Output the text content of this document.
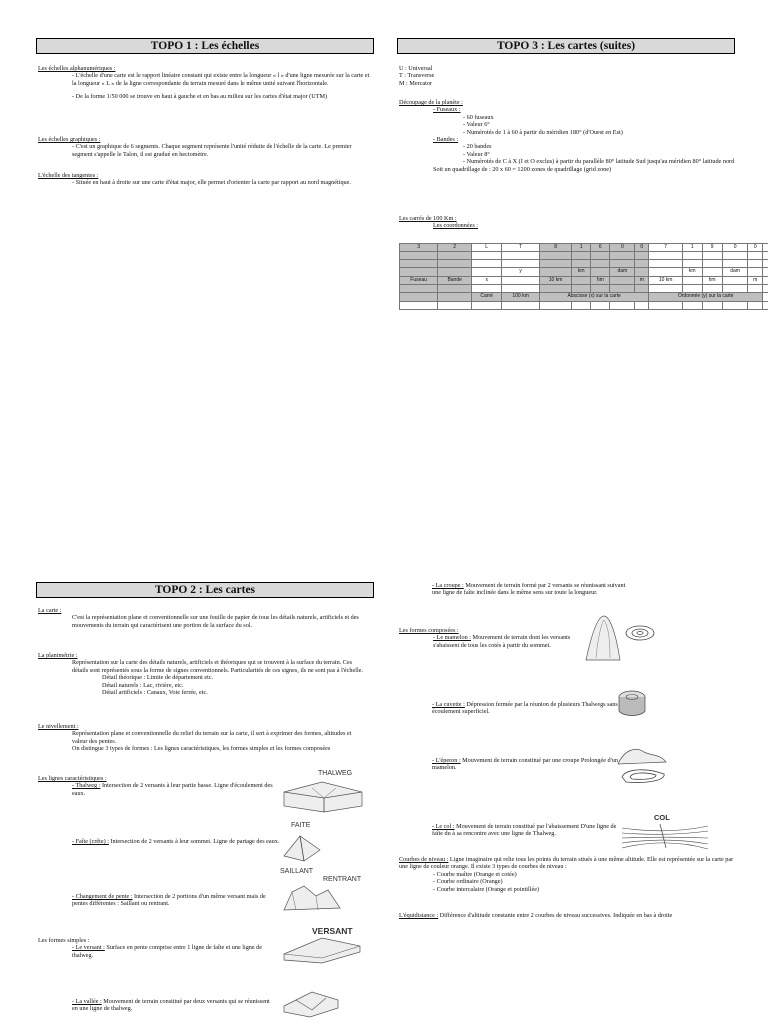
TOPO 1 : Les échelles
Les échelles alphanumériques :
- L'échelle d'une carte est le rapport linéaire constant qui existe entre la longueur « l » d'une ligne mesurée sur la carte et la longueur « L » de la ligne correspondante du terrain mesuré dans le même unité suivant l'horizontale.
- De la forme 1/50 000 se trouve en haut à gauche et en bas au milieu sur les cartes d'état major (UTM)
Les échelles graphiques :
- C'est un graphique de 6 segments. Chaque segment représente l'unité réduite de l'échelle de la carte. Le premier segment s'appelle le Talon, il est gradué en hectomètre.
L'échelle des tangentes :
- Située en haut à droite sur une carte d'état major, elle permet d'orienter la carte par rapport au nord magnétique.
TOPO 3 : Les cartes (suites)
U : Universal
T : Transverse
M : Mercator
Découpage de la planète :
- Fuseaux :
- 60 fuseaux
- Valeur 6°
- Numérotés de 1 à 60 à partir du méridien 180° (d'Ouest en Est)
- Bandes :
- 20 bandes
- Valeur 8°
- Numérotés de C à X (I et O exclus) à partir du parallèle 80° latitude Sud jusqu'au méridien 80° latitude nord
Soit un quadrillage de : 20 x 60 = 1200 zones de quadrillage (grid zone)
Les carrés de 100 Km :
Les coordonnées :
3	2	L	T	8	1	6	0	0	7	1	9	0	0	

			y		km		dam			km		dam		
Fuseau	Bande	x		10 km		hm		m	10 km		hm		m	

		Carré	100 km	Abscisse (x) sur la carte					Ordonnée (y) sur la carte					

TOPO 2 : Les cartes
La carte :
C'est la représentation plane et conventionnelle sur une feuille de papier de tous les détails naturels, artificiels et des mouvements du terrain qui caractérisent une portion de la surface du sol.
La planimétrie :
Représentation sur la carte des détails naturels, artificiels et théoriques qui se trouvent à la surface du terrain. Ces détails sont représentés sous la forme de signes conventionnels. Particularités de ces signes, ils ne sont pas à l'échelle.
Détail théorique : Limite de département etc.
Détail naturels : Lac, rivière, etc.
Détail artificiels : Canaux, Voie ferrée, etc.
Le nivellement :
Représentation plane et conventionnelle du relief du terrain sur la carte, il sert à exprimer des formes, altitudes et valeur des pentes.
On distingue 3 types de formes : Les lignes caractéristiques, les formes simples et les formes composées
Les lignes caractéristiques :
- Thalweg : Intersection de 2 versants à leur partie basse. Ligne d'écoulement des eaux.
- Faîte (crête) : Intersection de 2 versants à leur sommet. Ligne de partage des eaux.
- Changement de pente : Intersection de 2 portions d'un même versant mais de pentes différentes : Saillant ou rentrant.
Les formes simples :
- Le versant : Surface en pente comprise entre 1 ligne de faîte et une ligne de thalweg.
- La vallée : Mouvement de terrain constitué par deux versants qui se réunissent en une ligne de thalweg.
THALWEG
FAITE
SAILLANT
RENTRANT
VERSANT
- La croupe : Mouvement de terrain formé par 2 versants se réunissant suivant une ligne de faîte inclinée dans le même sens sur toute la longueur.
Les formes composées :
- Le mamelon : Mouvement de terrain dont les versants s'abaissent de tous les cotés à partir du sommet.
- La cuvette : Dépression fermée par la réunion de plusieurs Thalwegs sans écoulement superficiel.
- L'éperon : Mouvement de terrain constitué par une croupe Prolongée d'un mamelon.
COL
- Le col : Mouvement de terrain constitué par l'abaissement D'une ligne de faîte du à sa rencontre avec une ligne de Thalweg.
Courbes de niveau : Ligne imaginaire qui relie tous les points du terrain situés à une même altitude. Elle est représentée sur la carte par une ligne de couleur orange. Il existe 3 types de courbes de niveau :
- Courbe maître (Orange et cotée)
- Courbe ordinaire (Orange)
- Courbe intercalaire (Orange et pointillée)
L'équidistance : Différence d'altitude constante entre 2 courbes de niveau successives. Indiquée en bas à droite
